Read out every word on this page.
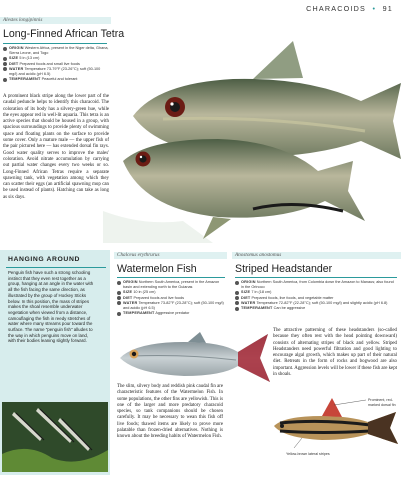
CHARACOIDS  •  91
Alestes longipinnis
Long-Finned African Tetra
ORIGIN Western Africa, present in the Niger delta, Ghana, Sierra Leone, and Togo
SIZE 5 in (13 cm)
DIET Prepared foods and small live foods
WATER Temperature 73-79°F (23-26°C); soft (50-100 mg/l) and acidic (pH 6.5)
TEMPERAMENT Peaceful and tolerant
A prominent black stripe along the lower part of the caudal peduncle helps to identify this characoid. The coloration of its body has a silvery-green hue, while the eyes appear red in well-lit aquaria. This tetra is an active species that should be housed in a group, with spacious surroundings to provide plenty of swimming space and floating plants on the surface to provide some cover. Only a mature male — the upper fish of the pair pictured here — has extended dorsal fin rays. Good water quality serves to improve the males' coloration. Avoid nitrate accumulation by carrying out partial water changes every two weeks or so. Long-Finned African Tetras require a separate spawning tank, with vegetation among which they can scatter their eggs (an artificial spawning mop can be used instead of plants). Hatching can take as long as six days.
HANGING AROUND
Penguin fish have such a strong schooling instinct that they even rest together as a group, hanging at an angle in the water with all the fish facing the same direction, as illustrated by the group of Hockey Sticks below. In this position, the mass of stripes makes the shoal resemble underwater vegetation when viewed from a distance, camouflaging the fish in reedy stretches of water where many streams pour toward the surface. The name "penguin fish" alludes to the way in which penguins move on land, with their bodies leaning slightly forward.
Chalceus erythrurus
Watermelon Fish
ORIGIN Northern South America, present in the Amazon basin and extending north to the Guianas
SIZE 10 in (25 cm)
DIET Prepared foods and live foods
WATER Temperature 73-82°F (23-28°C); soft (50-100 mg/l) and acidic (pH 6.5)
TEMPERAMENT Aggressive predator
The slim, silvery body and reddish pink caudal fin are characteristic features of the Watermelon Fish. In some populations, the other fins are yellowish. This is one of the larger and more predatory characoid species, so tank companions should be chosen carefully. It may be necessary to wean this fish off live foods; thawed items are likely to prove more palatable than frozen-dried alternatives. Nothing is known about the breeding habits of Watermelon Fish.
Anostomus anostomus
Striped Headstander
ORIGIN Northern South America, from Colombia down the Amazon to Manaus; also found in the Orinoco
SIZE 7 in (18 cm)
DIET Prepared foods, live foods, and vegetable matter
WATER Temperature 72-82°F (22-28°C); soft (50-100 mg/l) and slightly acidic (pH 6.8)
TEMPERAMENT Can be aggressive
The attractive patterning of these headstanders (so-called because they often rest with the head pointing downward) consists of alternating stripes of black and yellow. Striped Headstanders need powerful filtration and good lighting to encourage algal growth, which makes up part of their natural diet. Retreats in the form of rocks and bogwood are also important. Aggression levels will be lower if these fish are kept in shoals.
Prominent, red-marked dorsal fin
Yellow-brown lateral stripes
